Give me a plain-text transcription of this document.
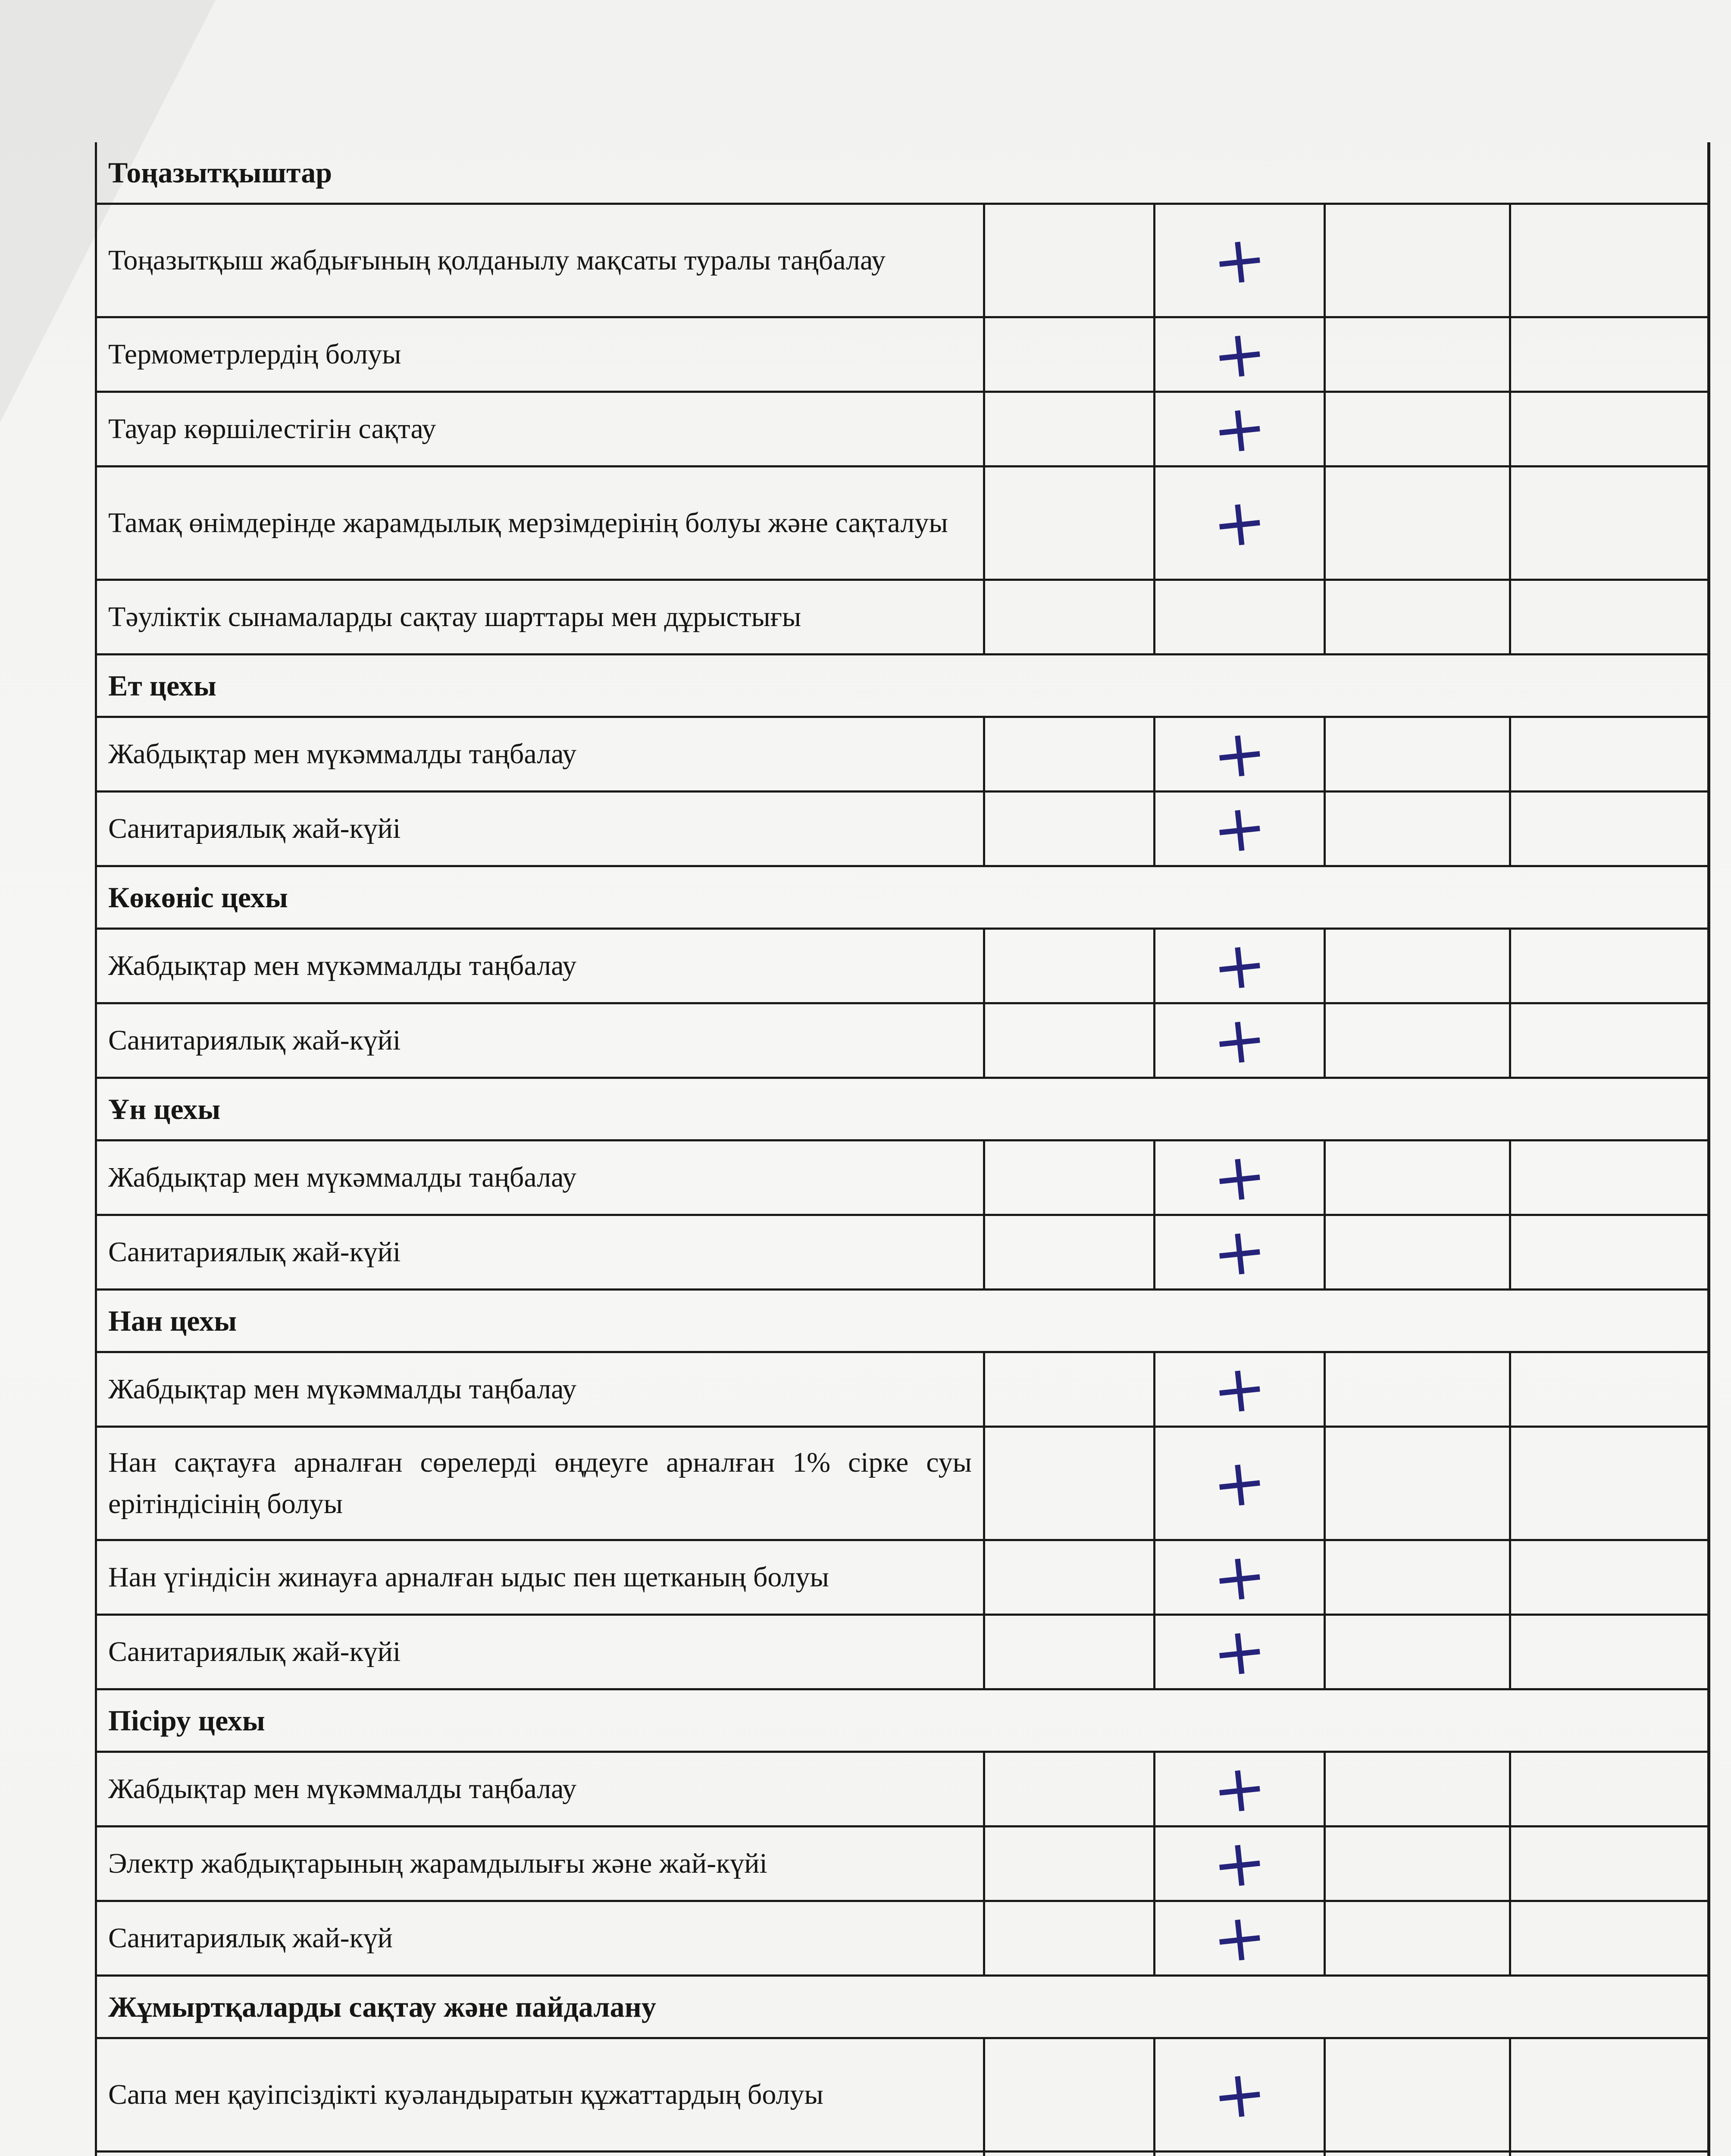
Тоңазытқыштар				
Тоңазытқыш жабдығының қолданылу мақсаты туралы таңбалау		+		

Термометрлердің болуы		+		

Тауар көршілестігін сақтау		+		

Тамақ өнімдерінде жарамдылық мерзімдерінің болуы және сақталуы		+		

Тәуліктік сынамаларды сақтау шарттары мен дұрыстығы				
Ет цехы				
Жабдықтар мен мүкәммалды таңбалау		+		

Санитариялық жай-күйі		+		

Көкөніс цехы				
Жабдықтар мен мүкәммалды таңбалау		+		

Санитариялық жай-күйі		+		

Ұн цехы				
Жабдықтар мен мүкәммалды таңбалау		+		

Санитариялық жай-күйі		+		

Нан цехы				
Жабдықтар мен мүкәммалды таңбалау		+		

Нан сақтауға арналған сөрелерді өңдеуге арналған 1% сірке суы ерітіндісінің болуы		+		

Нан үгіндісін жинауға арналған ыдыс пен щетканың болуы		+		

Санитариялық жай-күйі		+		

Пісіру цехы				
Жабдықтар мен мүкәммалды таңбалау		+		

Электр жабдықтарының жарамдылығы және жай-күйі		+		

Санитариялық жай-күй		+		

Жұмыртқаларды сақтау және пайдалану				
Сапа мен қауіпсіздікті куәландыратын құжаттардың болуы		+		
